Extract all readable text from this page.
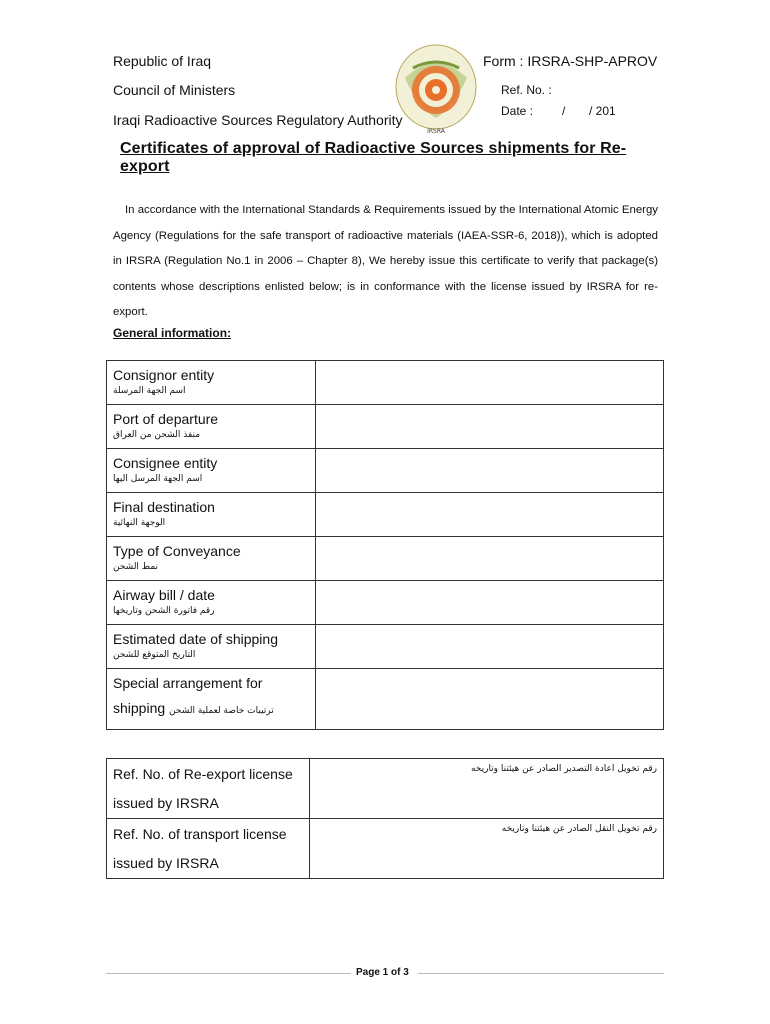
Republic of Iraq
Council of Ministers
Iraqi Radioactive Sources Regulatory Authority
IRSRA
Form : IRSRA-SHP-APROV
Ref. No. :
Date : / / 201
Certificates of approval of Radioactive Sources shipments for Re-export
In accordance with the International Standards & Requirements issued by the International Atomic Energy Agency (Regulations for the safe transport of radioactive materials (IAEA-SSR-6, 2018)), which is adopted in IRSRA (Regulation No.1 in 2006 – Chapter 8), We hereby issue this certificate to verify that package(s) contents whose descriptions enlisted below; is in conformance with the license issued by IRSRA for re-export.
General information:
Consignor entity
اسم الجهة المرسلة	

Port of departure
منفذ الشحن من العراق	

Consignee entity
اسم الجهة المرسل اليها	

Final destination
الوجهة النهائية	

Type of Conveyance
نمط الشحن	

Airway bill / date
رقم فاتورة الشحن وتاريخها	

Estimated date of shipping
التاريخ المتوقع للشحن	

Special arrangement for
shipping ترتيبات خاصة لعملية الشحن	

Ref. No. of Re-export license
issued by IRSRA	رقم تخويل اعادة التصدير الصادر عن هيئتنا وتاريخه

Ref. No. of transport license
issued by IRSRA	رقم تخويل النقل الصادر عن هيئتنا وتاريخه
Page 1 of 3
